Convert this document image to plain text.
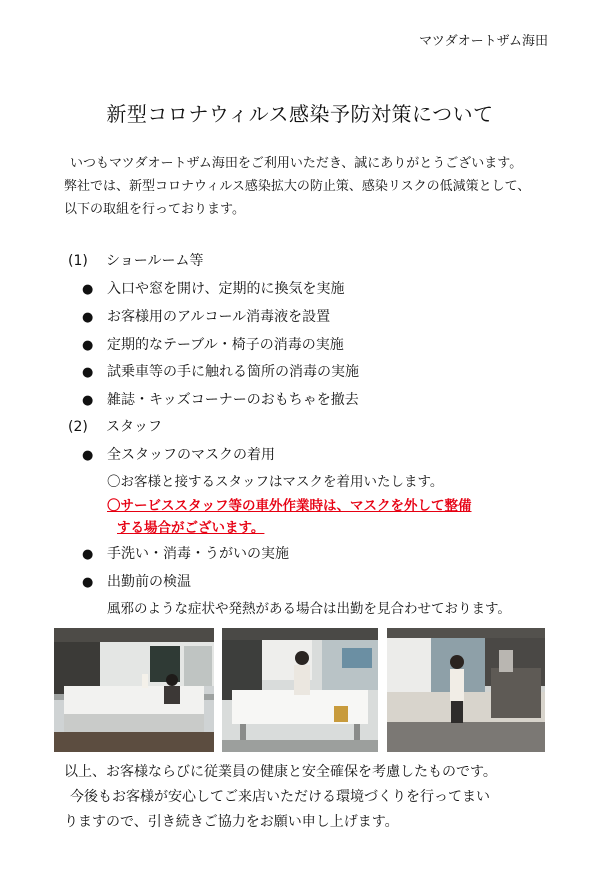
マツダオートザム海田
新型コロナウィルス感染予防対策について

いつもマツダオートザム海田をご利用いただき、誠にありがとうございます。

弊社では、新型コロナウィルス感染拡大の防止策、感染リスクの低減策として、

以下の取組を行っております。

(1) ショールーム等
● 入口や窓を開け、定期的に換気を実施
● お客様用のアルコール消毒液を設置
● 定期的なテーブル・椅子の消毒の実施
● 試乗車等の手に触れる箇所の消毒の実施
● 雑誌・キッズコーナーのおもちゃを撤去
(2) スタッフ
● 全スタッフのマスクの着用
〇お客様と接するスタッフはマスクを着用いたします。
〇サービススタッフ等の車外作業時は、マスクを外して整備
する場合がございます。
● 手洗い・消毒・うがいの実施
● 出勤前の検温
風邪のような症状や発熱がある場合は出勤を見合わせております。

以上、お客様ならびに従業員の健康と安全確保を考慮したものです。

今後もお客様が安心してご来店いただける環境づくりを行ってまい

りますので、引き続きご協力をお願い申し上げます。
